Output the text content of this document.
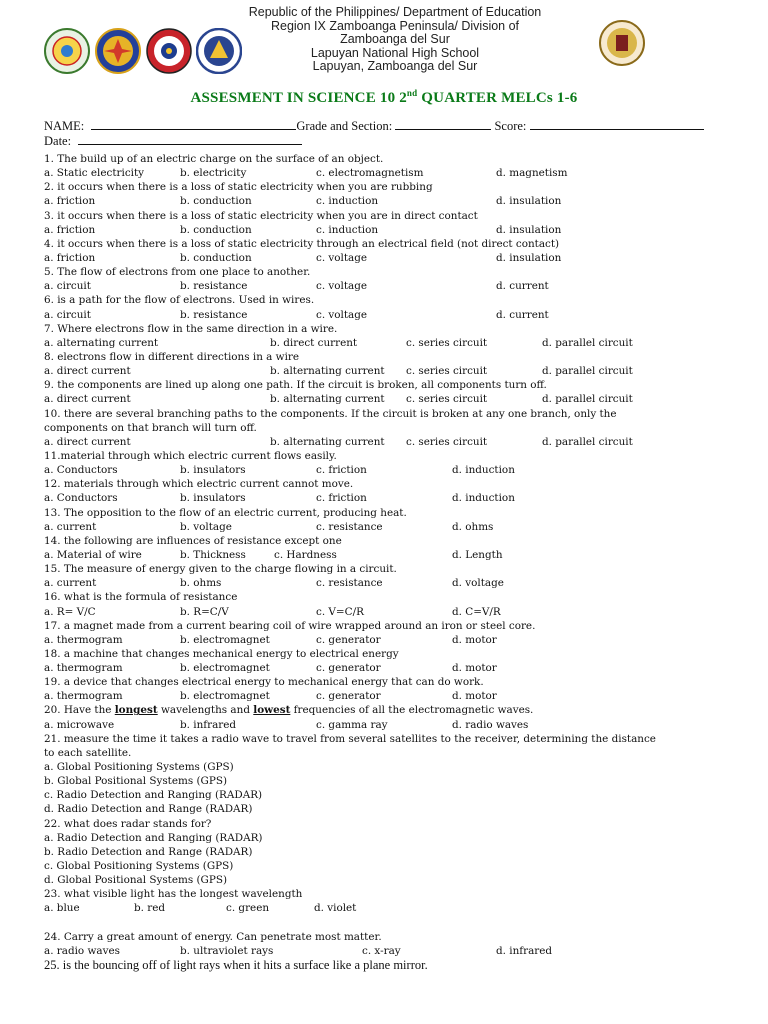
Republic of the Philippines/ Department of Education
Region IX Zamboanga Peninsula/ Division of
Zamboanga del Sur
Lapuyan National High School
Lapuyan, Zamboanga del Sur
ASSESMENT IN SCIENCE 10 2nd QUARTER MELCs 1-6
NAME:	Grade and Section:	Score:
Date:
1. The build up of an electric charge on the surface of an object.
a. Static electricity	b. electricity	c. electromagnetism	d. magnetism
2. it occurs when there is a loss of static electricity when you are rubbing
a. friction	b. conduction	c. induction	d. insulation
3. it occurs when there is a loss of static electricity when you are in direct contact
a. friction	b. conduction	c. induction	d. insulation
4. it occurs when there is a loss of static electricity through an electrical field (not direct contact)
a. friction	b. conduction	c. voltage	d. insulation
5. The flow of electrons from one place to another.
a. circuit	b. resistance	c. voltage	d. current
6. is a path for the flow of electrons. Used in wires.
a. circuit	b. resistance	c. voltage	d. current
7. Where electrons flow in the same direction in a wire.
a. alternating current	b. direct current	c. series circuit	d. parallel circuit
8. electrons flow in different directions in a wire
a. direct current	b. alternating current c. series circuit	d. parallel circuit
9. the components are lined up along one path. If the circuit is broken, all components turn off.
a. direct current	b. alternating current c. series circuit	d. parallel circuit
10. there are several branching paths to the components. If the circuit is broken at any one branch, only the
components on that branch will turn off.
a. direct current	b. alternating current c. series circuit	d. parallel circuit
11.material through which electric current flows easily.
a. Conductors	b. insulators	c. friction	d. induction
12. materials through which electric current cannot move.
a. Conductors	b. insulators	c. friction	d. induction
13. The opposition to the flow of an electric current, producing heat.
a. current	b. voltage	c. resistance	d. ohms
14. the following are influences of resistance except one
a. Material of wire	b. Thickness	c. Hardness	d. Length
15. The measure of energy given to the charge flowing in a circuit.
a. current	b. ohms	c. resistance	d. voltage
16. what is the formula of resistance
a. R= V/C	b. R=C/V	c. V=C/R	d. C=V/R
17. a magnet made from a current bearing coil of wire wrapped around an iron or steel core.
a. thermogram	b. electromagnet	c. generator	d. motor
18. a machine that changes mechanical energy to electrical energy
a. thermogram	b. electromagnet	c. generator	d. motor
19. a device that changes electrical energy to mechanical energy that can do work.
a. thermogram	b. electromagnet	c. generator	d. motor
20. Have the longest wavelengths and lowest frequencies of all the electromagnetic waves.
a. microwave	b. infrared	c. gamma ray	d. radio waves
21. measure the time it takes a radio wave to travel from several satellites to the receiver, determining the distance
to each satellite.
a. Global Positioning Systems (GPS)
b. Global Positional Systems (GPS)
c. Radio Detection and Ranging (RADAR)
d. Radio Detection and Range (RADAR)
22. what does radar stands for?
a. Radio Detection and Ranging (RADAR)
b. Radio Detection and Range (RADAR)
c. Global Positioning Systems (GPS)
d. Global Positional Systems (GPS)
23. what visible light has the longest wavelength
a. blue	b. red	c. green	d. violet
24. Carry a great amount of energy. Can penetrate most matter.
a. radio waves	b. ultraviolet rays	c. x-ray	d. infrared
25. is the bouncing off of light rays when it hits a surface like a plane mirror.
